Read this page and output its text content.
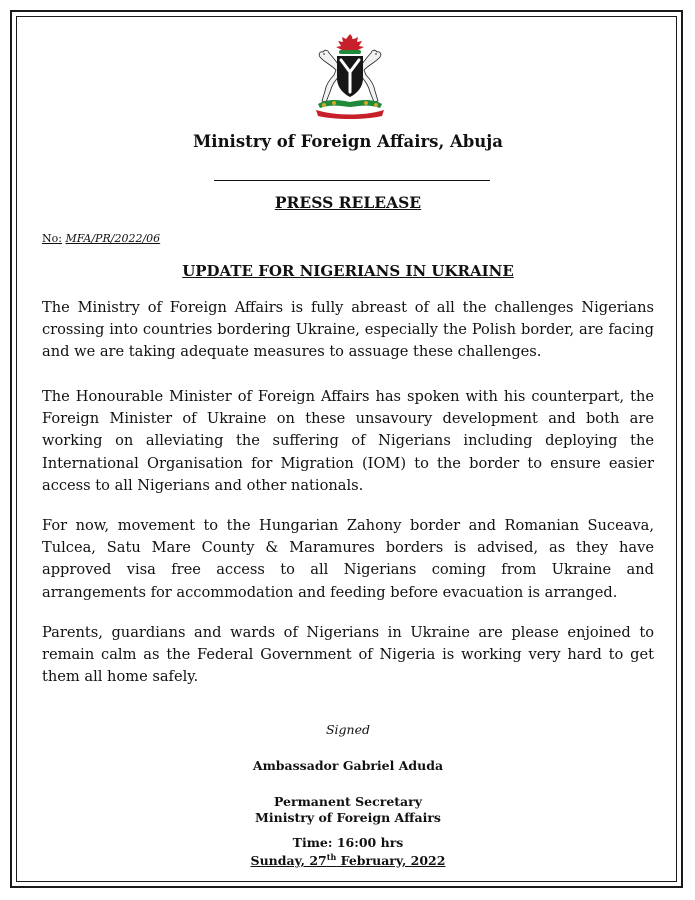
Ministry of Foreign Affairs, Abuja
PRESS RELEASE
No: MFA/PR/2022/06
UPDATE FOR NIGERIANS IN UKRAINE
The Ministry of Foreign Affairs is fully abreast of all the challenges Nigerians crossing into countries bordering Ukraine, especially the Polish border, are facing and we are taking adequate measures to assuage these challenges.
The Honourable Minister of Foreign Affairs has spoken with his counterpart, the Foreign Minister of Ukraine on these unsavoury development and both are working on alleviating the suffering of Nigerians including deploying the International Organisation for Migration (IOM) to the border to ensure easier access to all Nigerians and other nationals.
For now, movement to the Hungarian Zahony border and Romanian Suceava, Tulcea, Satu Mare County & Maramures borders is advised, as they have approved visa free access to all Nigerians coming from Ukraine and arrangements for accommodation and feeding before evacuation is arranged.
Parents, guardians and wards of Nigerians in Ukraine are please enjoined to remain calm as the Federal Government of Nigeria is working very hard to get them all home safely.
Signed
Ambassador Gabriel Aduda
Permanent Secretary
Ministry of Foreign Affairs
Time: 16:00 hrs
Sunday, 27th February, 2022
